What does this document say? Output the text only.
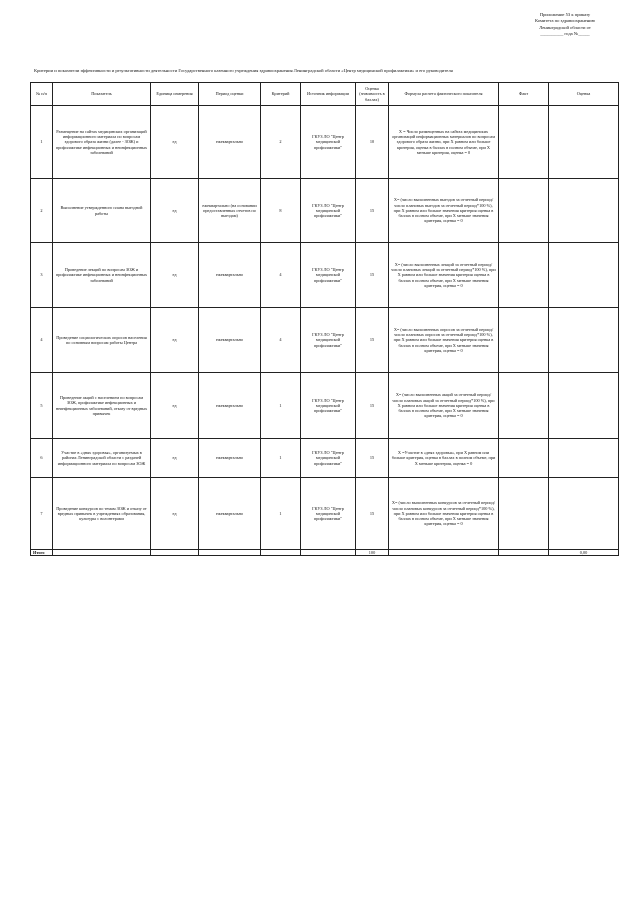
Приложение 53 к приказу
Комитета по здравоохранению
Ленинградской области от
__________ года №_____
Критерии и показатели эффективности и результативности деятельности Государственного казенного учреждения здравоохранения Ленинградской области «Центр медицинской профилактики» и его руководителя
№ п/п	Показатель	Единица измерения	Период оценки	Критерий	Источник информации	Оценка (значимость в баллах)	Формула расчета фактического показателя	Факт	Оценка
1	Размещение на сайтах медицинских организаций информационного материала по вопросам здорового образа жизни (далее - ЗОЖ) и профилактике инфекционных и неинфекционных заболеваний	ед	ежеквартально	2	ГКУЗ ЛО "Центр медицинской профилактики"	10	Х = Число размещенных на сайтах медицинских организаций информационных материалов по вопросам здорового образа жизни, при Х равном или больше критерия, оценка в баллах в полном объеме, при Х меньше критерия, оценка = 0		
2	Выполнение утвержденного плана выездной работы	ед	ежеквартально (на основании предоставленных отчетов по выездам)	8	ГКУЗ ЛО "Центр медицинской профилактики"	15	Х= (число выполненных выездов за отчетный период/число плановых выездов за отчетный период*100 %), при Х равном или больше значения критерия оценка в баллах в полном объеме, при Х меньше значения критерия, оценка = 0		
3	Проведение лекций по вопросам ЗОЖ и профилактике инфекционных и неинфекционных заболеваний	ед	ежеквартально	4	ГКУЗ ЛО "Центр медицинской профилактики"	15	Х= (число выполненных лекций за отчетный период/число плановых лекций за отчетный период*100 %), при Х равном или больше значения критерия оценка в баллах в полном объеме, при Х меньше значения критерия, оценка = 0		
4	Проведение социологических опросов населения по основным вопросам работы Центра	ед	ежеквартально	4	ГКУЗ ЛО "Центр медицинской профилактики"	15	Х= (число выполненных опросов за отчетный период/число плановых опросов за отчетный период*100 %), при Х равном или больше значения критерия оценка в баллах в полном объеме, при Х меньше значения критерия, оценка = 0		
5	Проведение акций с населением по вопросам ЗОЖ, профилактике инфекционных и неинфекционных заболеваний, отказу от вредных привычек	ед	ежеквартально	1	ГКУЗ ЛО "Центр медицинской профилактики"	15	Х= (число выполненных акций за отчетный период/число плановых акций за отчетный период*100 %), при Х равном или больше значения критерия оценка в баллах в полном объеме, при Х меньше значения критерия, оценка = 0		
6	Участие в «днях здоровья», организуемых в районах Ленинградской области с раздачей информационного материала по вопросам ЗОЖ	ед	ежеквартально	1	ГКУЗ ЛО "Центр медицинской профилактики"	15	Х =Участие в «днях здоровья», при Х равном или больше критерия, оценка в баллах в полном объеме, при Х меньше критерия, оценка = 0		
7	Проведение конкурсов по темам ЗОЖ и отказу от вредных привычек в учреждениях образования, культуры с волонтерами	ед	ежеквартально	1	ГКУЗ ЛО "Центр медицинской профилактики"	15	Х= (число выполненных конкурсов за отчетный период/число плановых конкурсов за отчетный период*100 %), при Х равном или больше значения критерия оценка в баллах в полном объеме, при Х меньше значения критерия, оценка = 0		
Итого						100			0,00
